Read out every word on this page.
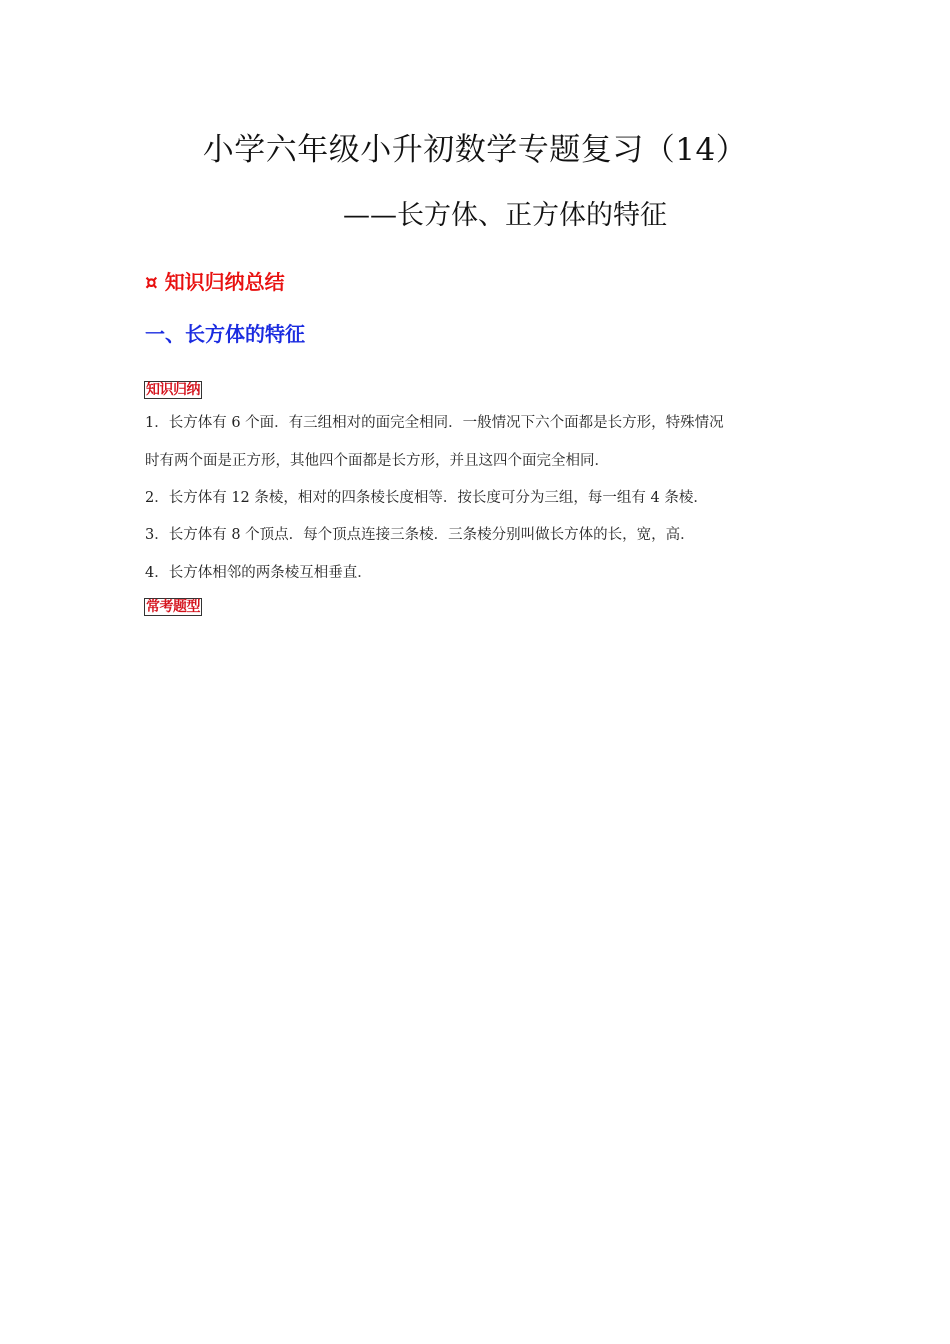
小学六年级小升初数学专题复习（14）
——长方体、正方体的特征
¤ 知识归纳总结
一、长方体的特征
知识归纳
1．长方体有 6 个面．有三组相对的面完全相同．一般情况下六个面都是长方形，特殊情况
时有两个面是正方形，其他四个面都是长方形，并且这四个面完全相同．
2．长方体有 12 条棱，相对的四条棱长度相等．按长度可分为三组，每一组有 4 条棱．
3．长方体有 8 个顶点．每个顶点连接三条棱．三条棱分别叫做长方体的长，宽，高．
4．长方体相邻的两条棱互相垂直．
常考题型
